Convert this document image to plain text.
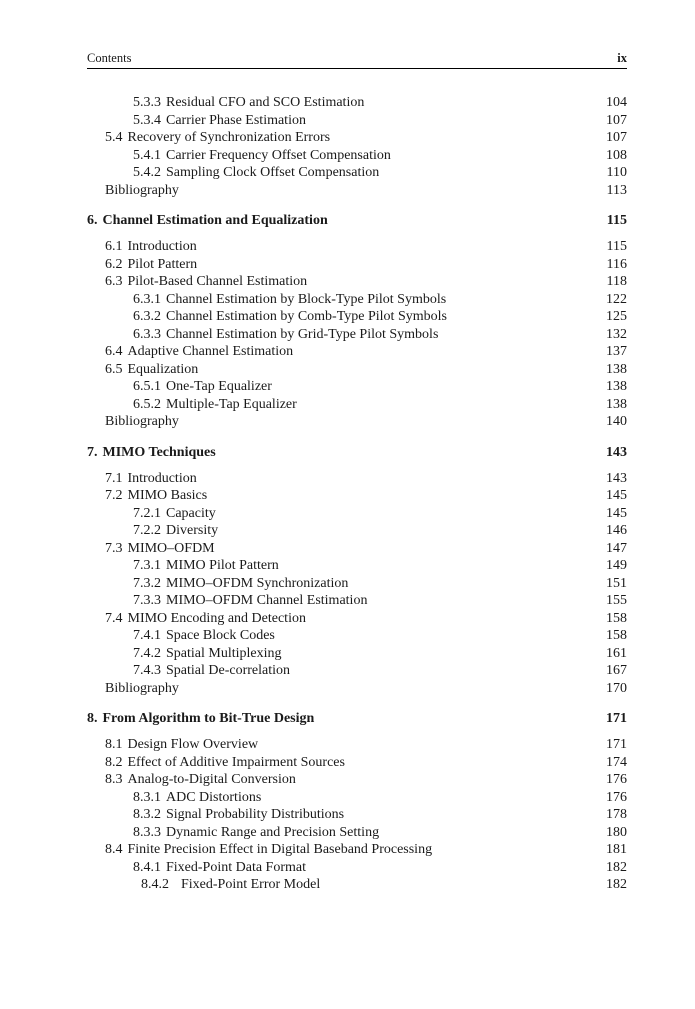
Contents	ix
5.3.3 Residual CFO and SCO Estimation	104
5.3.4 Carrier Phase Estimation	107
5.4 Recovery of Synchronization Errors	107
5.4.1 Carrier Frequency Offset Compensation	108
5.4.2 Sampling Clock Offset Compensation	110
Bibliography	113
6. Channel Estimation and Equalization	115
6.1 Introduction	115
6.2 Pilot Pattern	116
6.3 Pilot-Based Channel Estimation	118
6.3.1 Channel Estimation by Block-Type Pilot Symbols	122
6.3.2 Channel Estimation by Comb-Type Pilot Symbols	125
6.3.3 Channel Estimation by Grid-Type Pilot Symbols	132
6.4 Adaptive Channel Estimation	137
6.5 Equalization	138
6.5.1 One-Tap Equalizer	138
6.5.2 Multiple-Tap Equalizer	138
Bibliography	140
7. MIMO Techniques	143
7.1 Introduction	143
7.2 MIMO Basics	145
7.2.1 Capacity	145
7.2.2 Diversity	146
7.3 MIMO–OFDM	147
7.3.1 MIMO Pilot Pattern	149
7.3.2 MIMO–OFDM Synchronization	151
7.3.3 MIMO–OFDM Channel Estimation	155
7.4 MIMO Encoding and Detection	158
7.4.1 Space Block Codes	158
7.4.2 Spatial Multiplexing	161
7.4.3 Spatial De-correlation	167
Bibliography	170
8. From Algorithm to Bit-True Design	171
8.1 Design Flow Overview	171
8.2 Effect of Additive Impairment Sources	174
8.3 Analog-to-Digital Conversion	176
8.3.1 ADC Distortions	176
8.3.2 Signal Probability Distributions	178
8.3.3 Dynamic Range and Precision Setting	180
8.4 Finite Precision Effect in Digital Baseband Processing	181
8.4.1 Fixed-Point Data Format	182
8.4.2 Fixed-Point Error Model	182
